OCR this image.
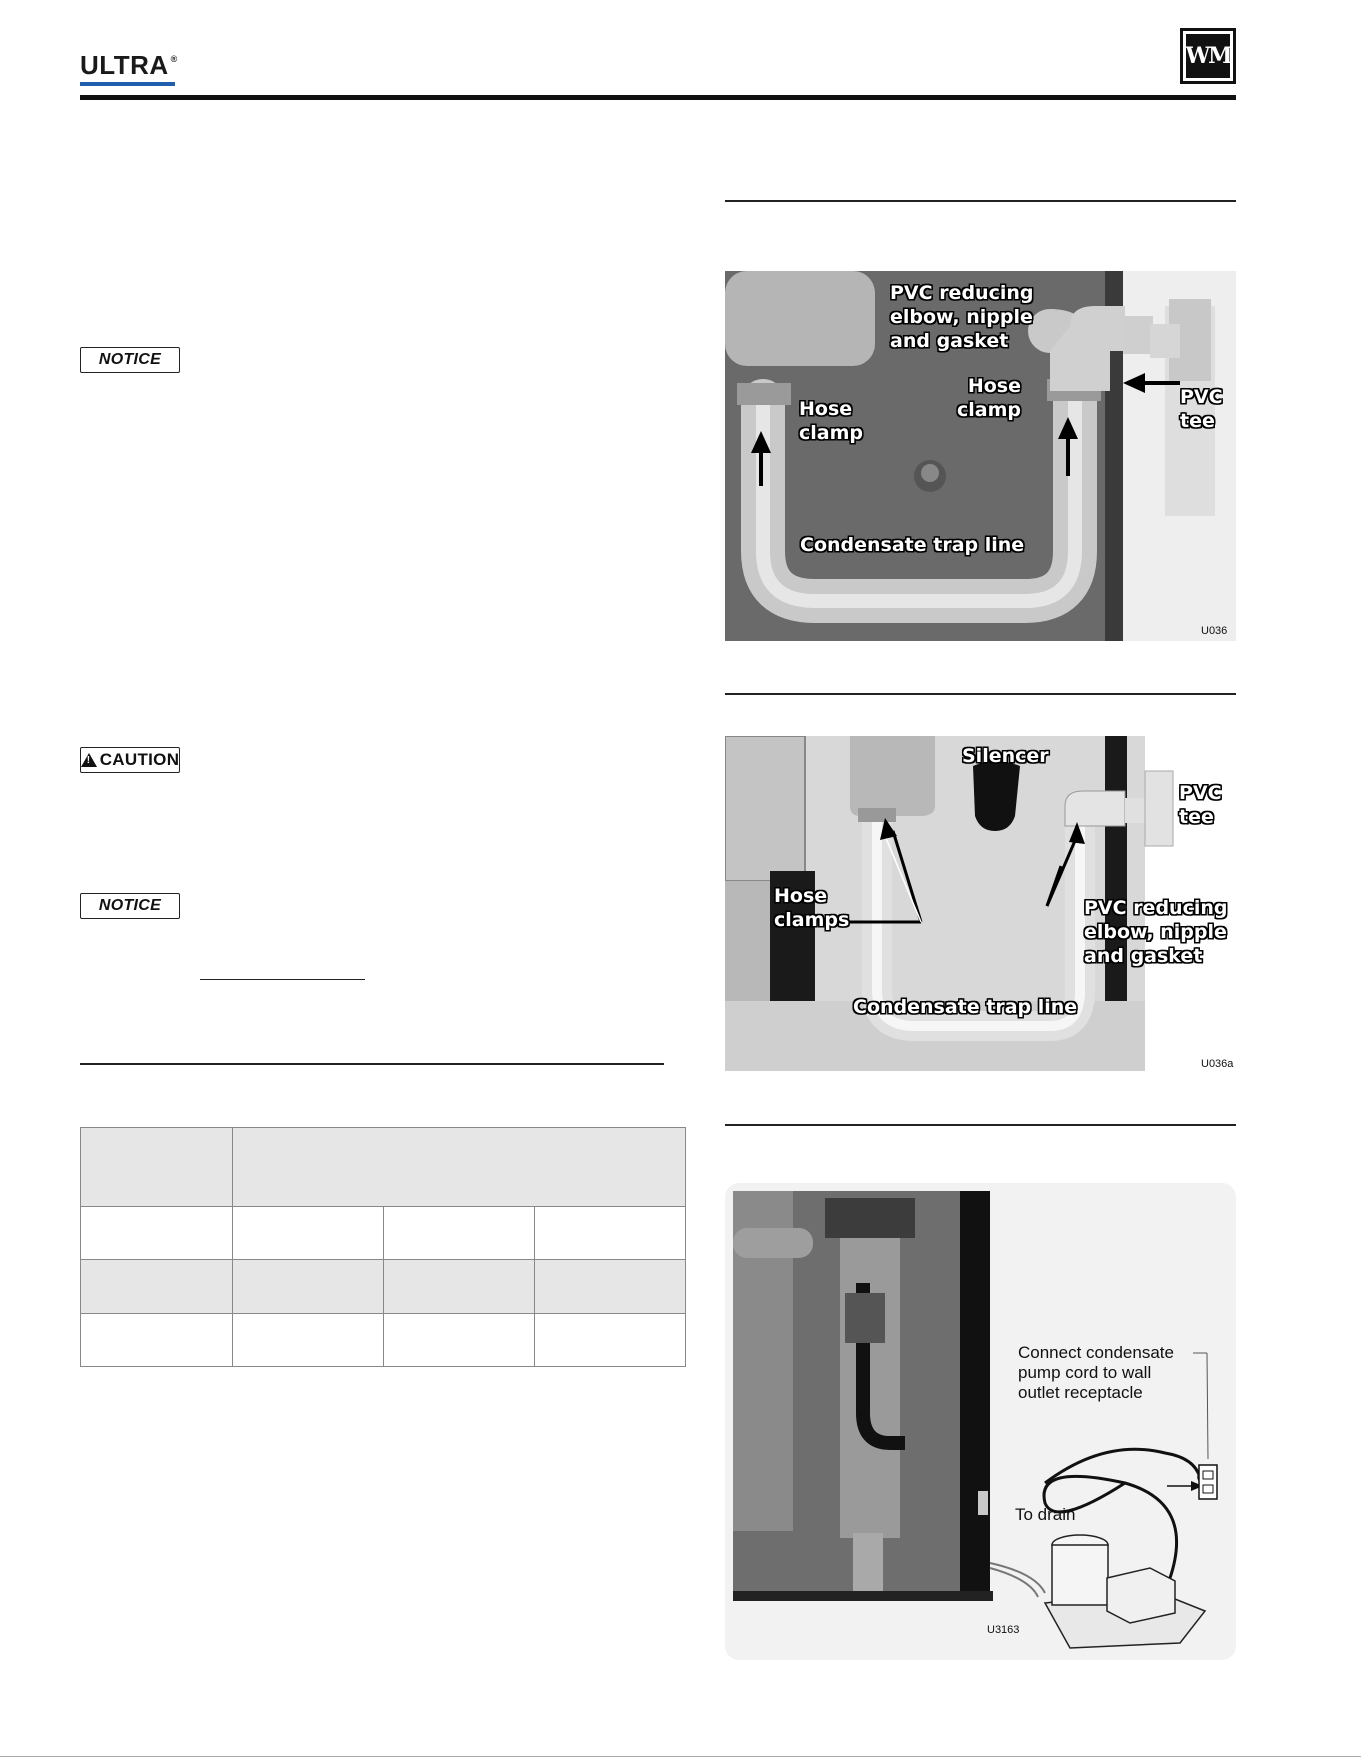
ULTRA ®	WM
NOTICE
!
CAUTION
NOTICE
PVC reducing
elbow, nipple
and gasket
Hose
clamp
Hose
clamp
PVC
tee
Condensate trap line
U036
Silencer
PVC
tee
Hose
clamps
PVC reducing
elbow, nipple
and gasket
Condensate trap line
U036a
Connect condensate
pump cord to wall
outlet receptacle
To drain
U3163
